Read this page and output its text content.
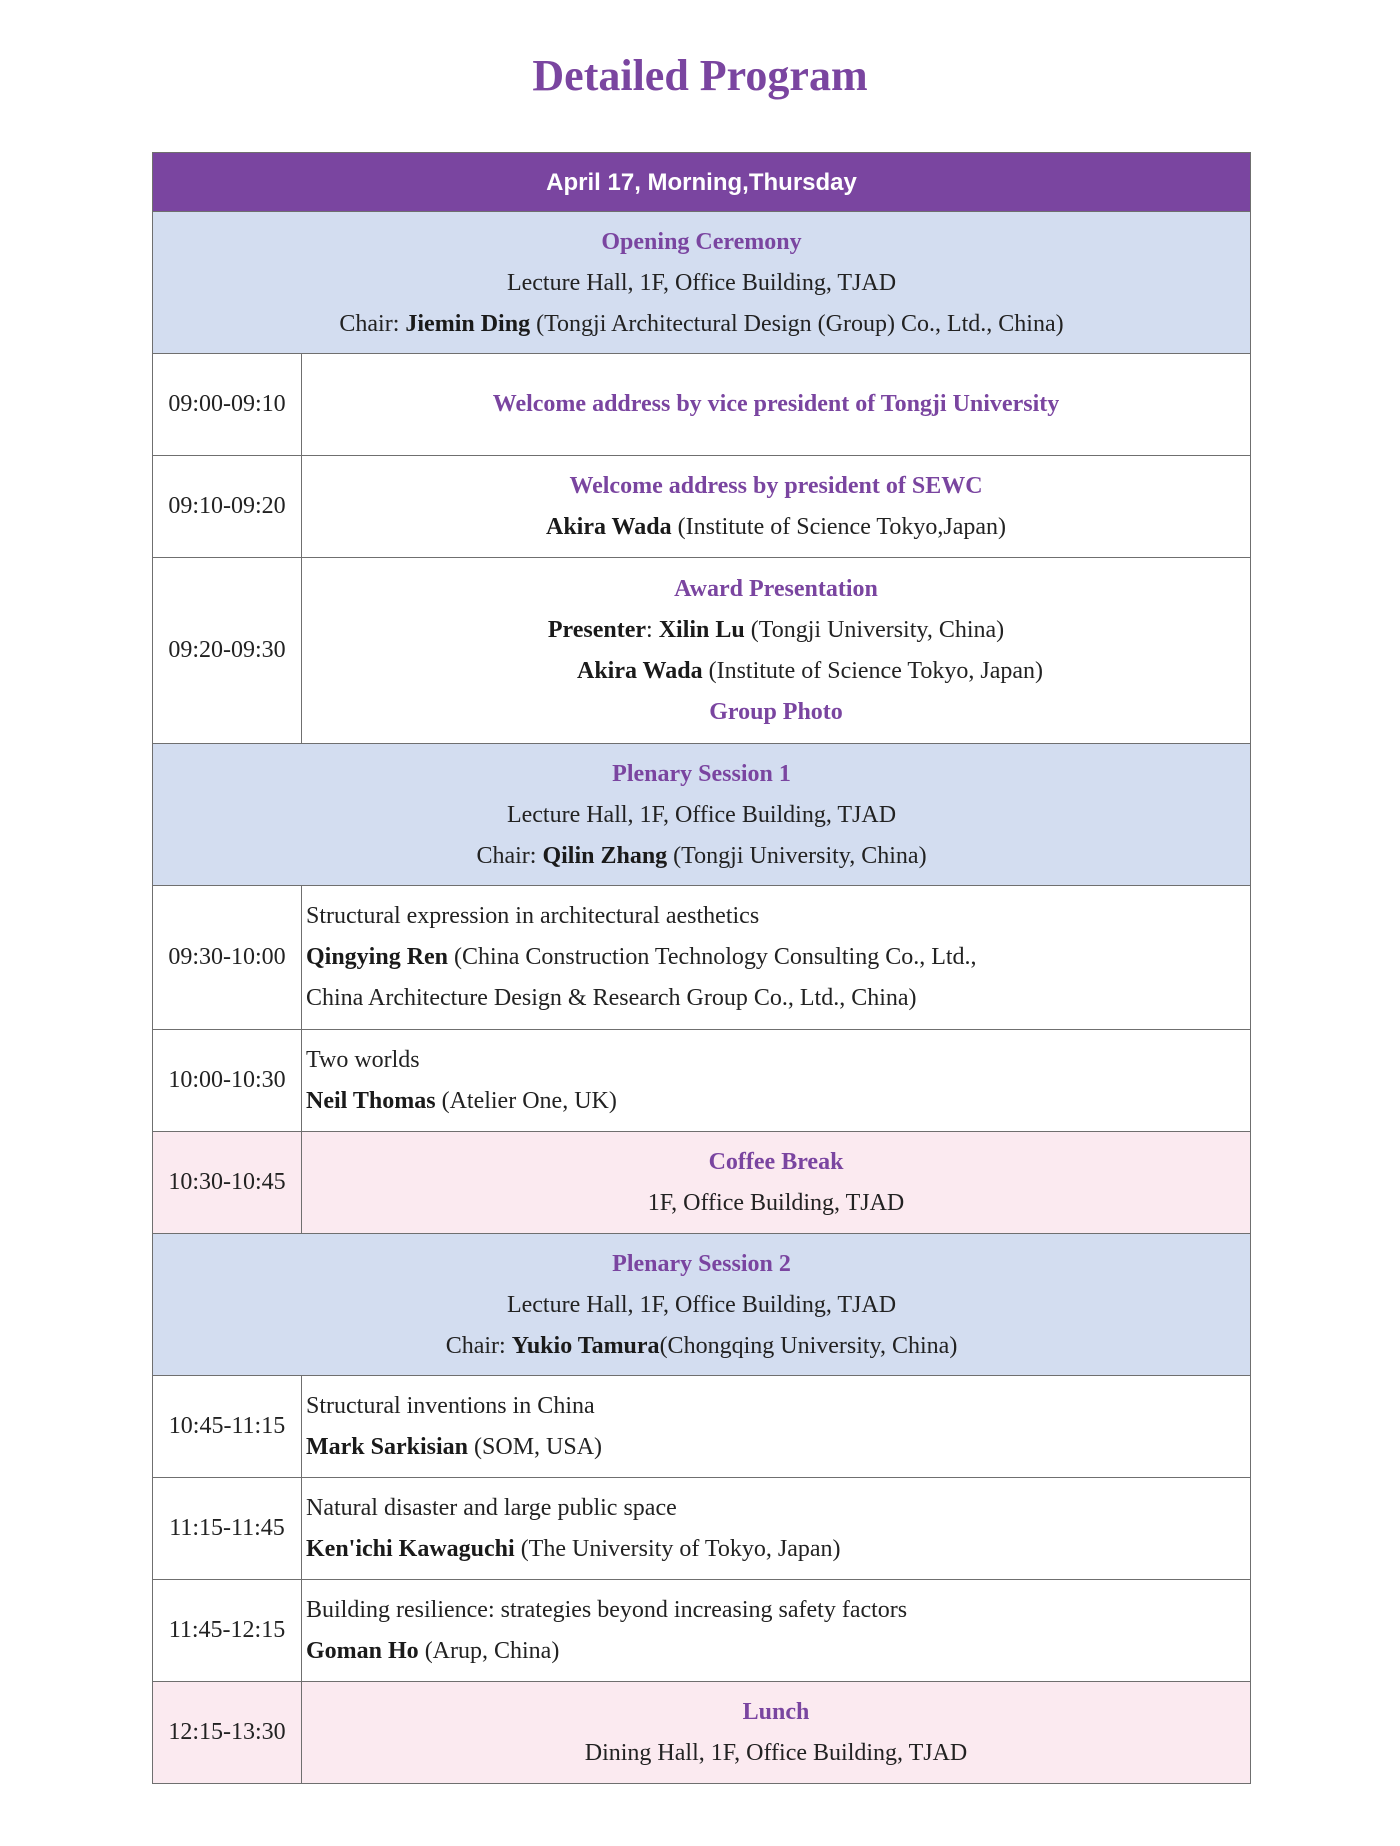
Detailed Program
April 17, Morning,Thursday	

Opening Ceremony
Lecture Hall, 1F, Office Building, TJAD
Chair: Jiemin Ding (Tongji Architectural Design (Group) Co., Ltd., China)	

09:00-09:10	Welcome address by vice president of Tongji University

09:10-09:20	Welcome address by president of SEWC
Akira Wada (Institute of Science Tokyo,Japan)

09:20-09:30	Award Presentation
Presenter: Xilin Lu (Tongji University, China)
Akira Wada (Institute of Science Tokyo, Japan)
Group Photo

Plenary Session 1
Lecture Hall, 1F, Office Building, TJAD
Chair: Qilin Zhang (Tongji University, China)	

09:30-10:00	Structural expression in architectural aesthetics
Qingying Ren (China Construction Technology Consulting Co., Ltd.,
China Architecture Design & Research Group Co., Ltd., China)

10:00-10:30	Two worlds
Neil Thomas (Atelier One, UK)

10:30-10:45	Coffee Break
1F, Office Building, TJAD

Plenary Session 2
Lecture Hall, 1F, Office Building, TJAD
Chair: Yukio Tamura(Chongqing University, China)	

10:45-11:15	Structural inventions in China
Mark Sarkisian (SOM, USA)

11:15-11:45	Natural disaster and large public space
Ken'ichi Kawaguchi (The University of Tokyo, Japan)

11:45-12:15	Building resilience: strategies beyond increasing safety factors
Goman Ho (Arup, China)

12:15-13:30	Lunch
Dining Hall, 1F, Office Building, TJAD
